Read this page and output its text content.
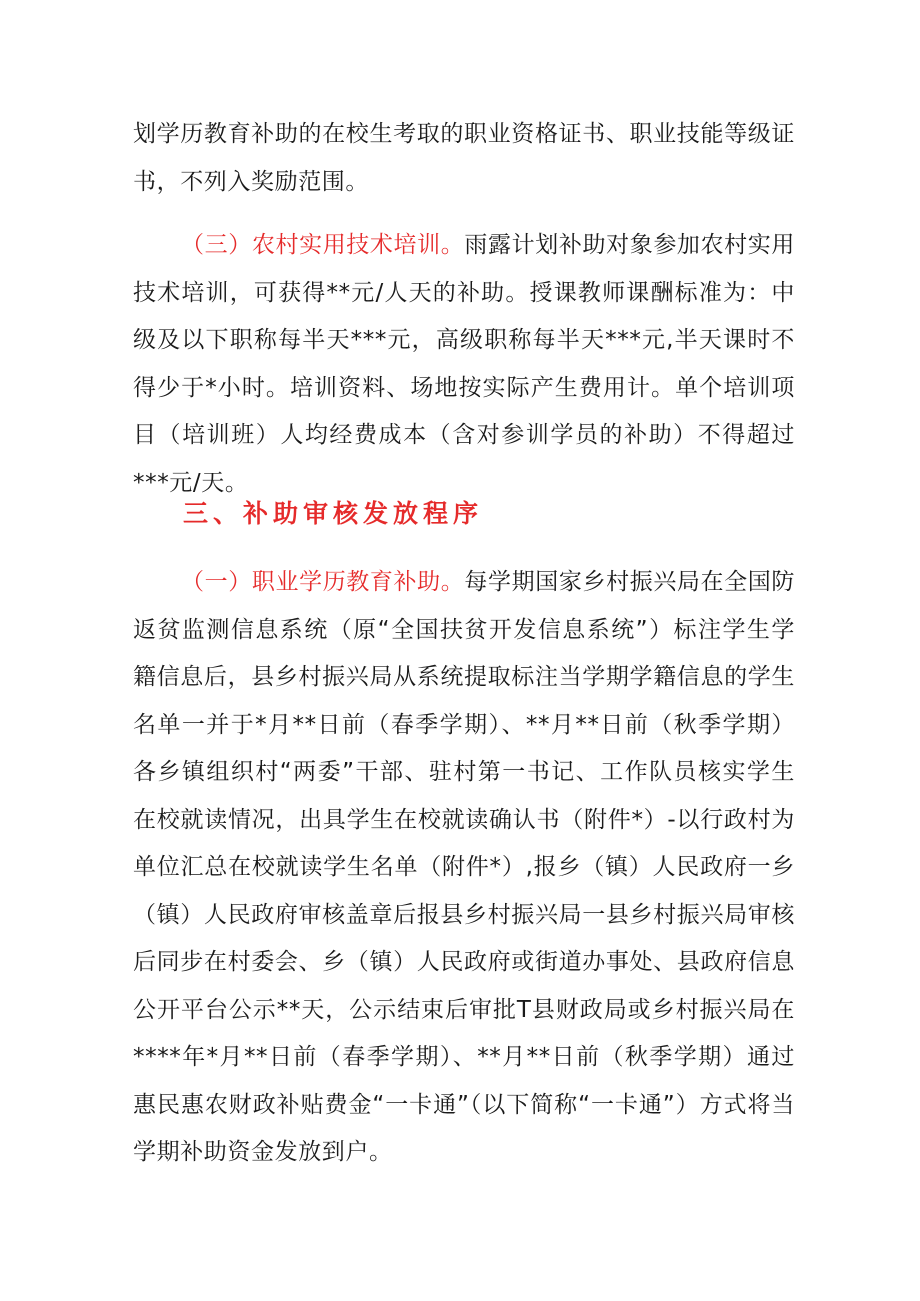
划学历教育补助的在校生考取的职业资格证书、职业技能等级证书，不列入奖励范围。

（三）农村实用技术培训。雨露计划补助对象参加农村实用技术培训，可获得**元/人天的补助。授课教师课酬标准为：中级及以下职称每半天***元，高级职称每半天***元,半天课时不得少于*小时。培训资料、场地按实际产生费用计。单个培训项目（培训班）人均经费成本（含对参训学员的补助）不得超过***元/天。

三、补助审核发放程序

（一）职业学历教育补助。每学期国家乡村振兴局在全国防返贫监测信息系统（原“全国扶贫开发信息系统”）标注学生学籍信息后，县乡村振兴局从系统提取标注当学期学籍信息的学生名单一并于*月**日前（春季学期）、**月**日前（秋季学期）各乡镇组织村“两委”干部、驻村第一书记、工作队员核实学生在校就读情况，出具学生在校就读确认书（附件*）-以行政村为单位汇总在校就读学生名单（附件*）,报乡（镇）人民政府一乡（镇）人民政府审核盖章后报县乡村振兴局一县乡村振兴局审核后同步在村委会、乡（镇）人民政府或街道办事处、县政府信息公开平台公示**天，公示结束后审批T县财政局或乡村振兴局在****年*月**日前（春季学期）、**月**日前（秋季学期）通过惠民惠农财政补贴费金“一卡通”（以下简称“一卡通”）方式将当学期补助资金发放到户。
